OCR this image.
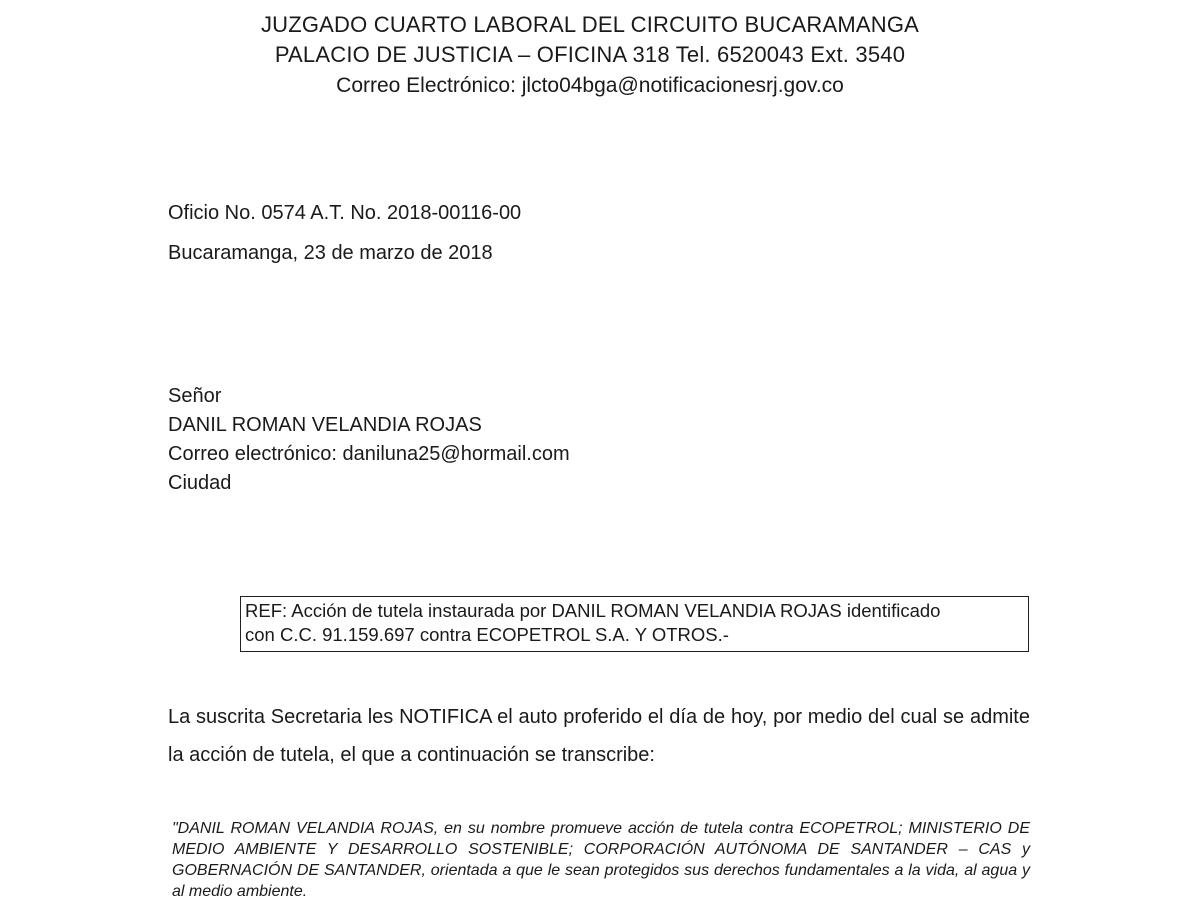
JUZGADO CUARTO LABORAL DEL CIRCUITO BUCARAMANGA

PALACIO DE JUSTICIA – OFICINA 318 Tel. 6520043 Ext. 3540

Correo Electrónico: jlcto04bga@notificacionesrj.gov.co

Oficio No. 0574 A.T. No. 2018-00116-00
Bucaramanga, 23 de marzo de 2018
Señor
DANIL ROMAN VELANDIA ROJAS
Correo electrónico: daniluna25@hormail.com
Ciudad
REF: Acción de tutela instaurada por DANIL ROMAN VELANDIA ROJAS identificado
con C.C. 91.159.697 contra ECOPETROL S.A. Y OTROS.-
La suscrita Secretaria les NOTIFICA el auto proferido el día de hoy, por medio del cual se admite la acción de tutela, el que a continuación se transcribe:
"DANIL ROMAN VELANDIA ROJAS, en su nombre promueve acción de tutela contra ECOPETROL; MINISTERIO DE MEDIO AMBIENTE Y DESARROLLO SOSTENIBLE; CORPORACIÓN AUTÓNOMA DE SANTANDER – CAS y GOBERNACIÓN DE SANTANDER, orientada a que le sean protegidos sus derechos fundamentales a la vida, al agua y al medio ambiente.
